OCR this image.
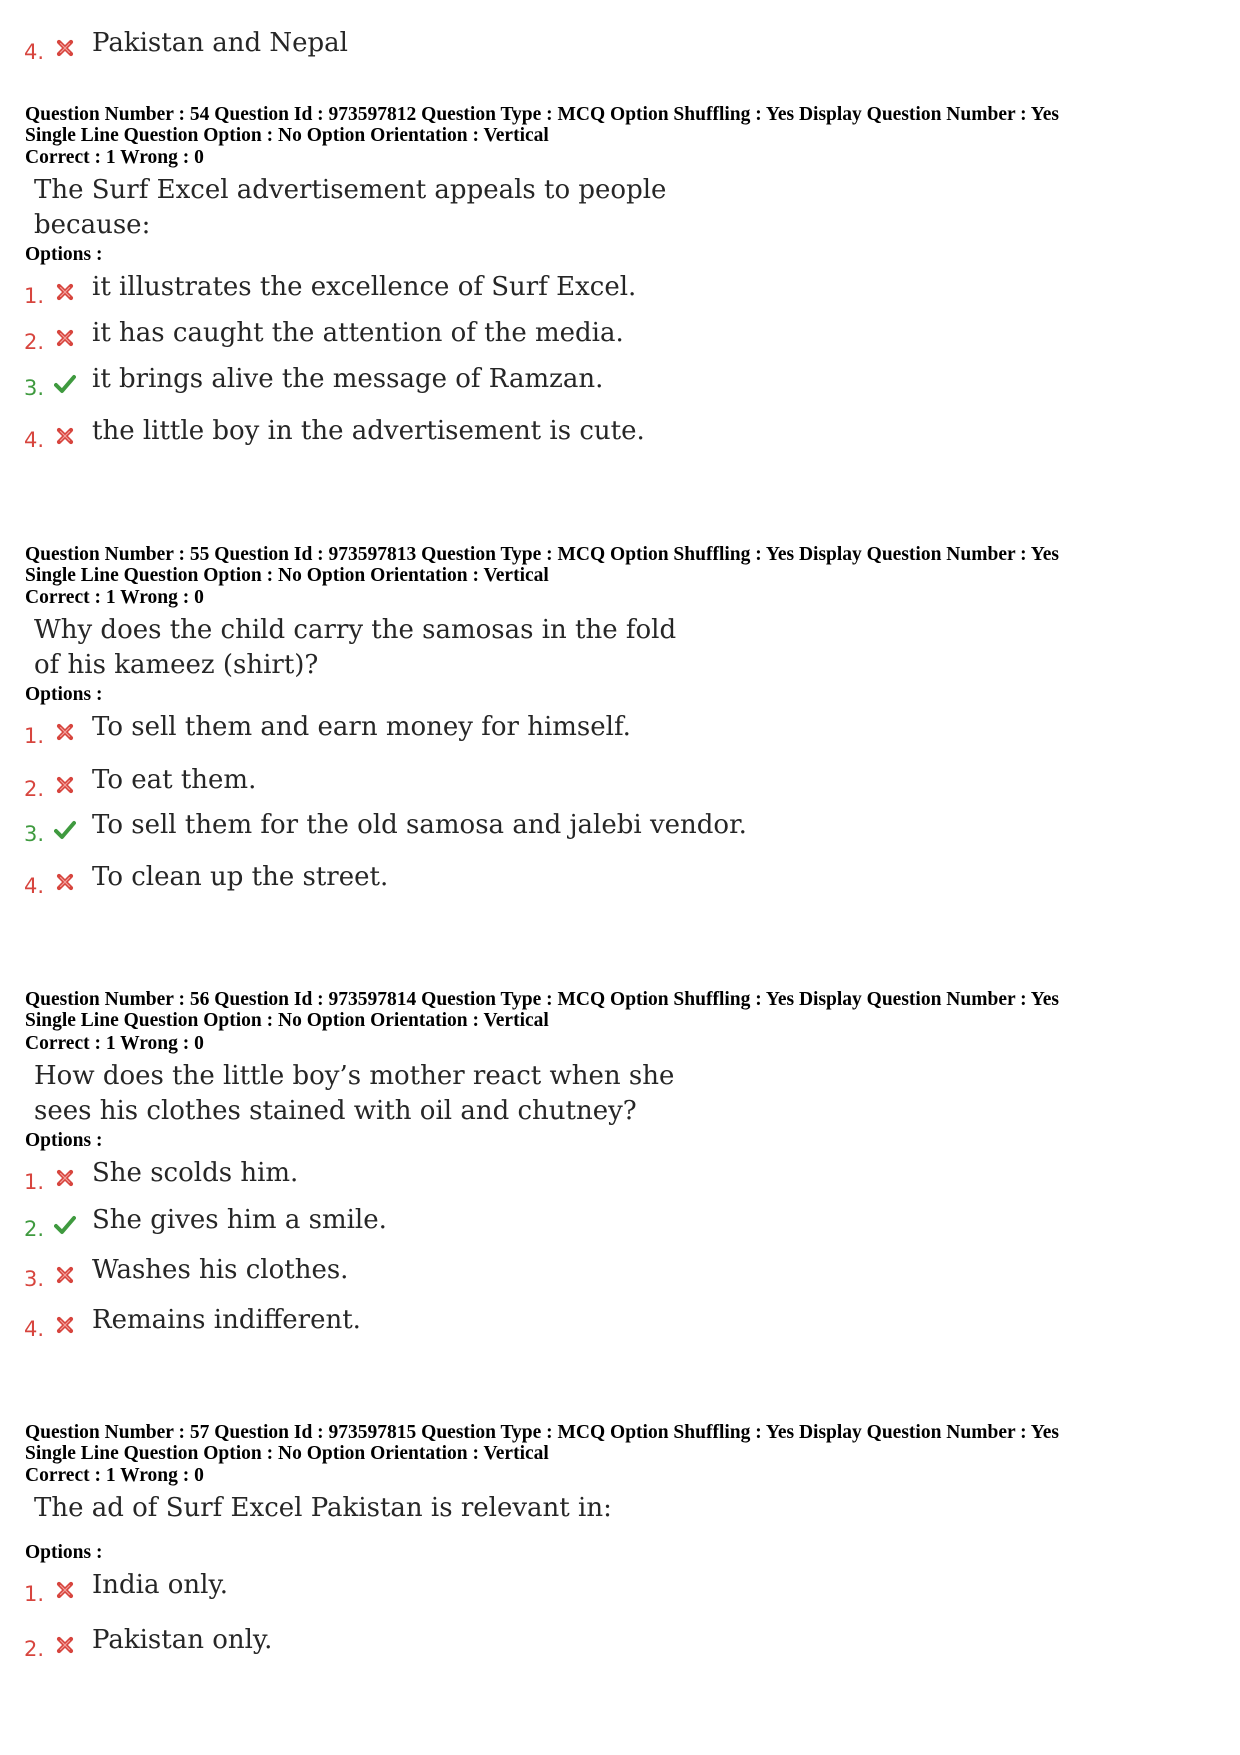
4. Pakistan and Nepal
Question Number : 54 Question Id : 973597812 Question Type : MCQ Option Shuffling : Yes Display Question Number : Yes
Single Line Question Option : No Option Orientation : Vertical
Correct : 1 Wrong : 0
The Surf Excel advertisement appeals to people
because:
Options :
1. it illustrates the excellence of Surf Excel.
2. it has caught the attention of the media.
3. it brings alive the message of Ramzan.
4. the little boy in the advertisement is cute.
Question Number : 55 Question Id : 973597813 Question Type : MCQ Option Shuffling : Yes Display Question Number : Yes
Single Line Question Option : No Option Orientation : Vertical
Correct : 1 Wrong : 0
Why does the child carry the samosas in the fold
of his kameez (shirt)?
Options :
1. To sell them and earn money for himself.
2. To eat them.
3. To sell them for the old samosa and jalebi vendor.
4. To clean up the street.
Question Number : 56 Question Id : 973597814 Question Type : MCQ Option Shuffling : Yes Display Question Number : Yes
Single Line Question Option : No Option Orientation : Vertical
Correct : 1 Wrong : 0
How does the little boy’s mother react when she
sees his clothes stained with oil and chutney?
Options :
1. She scolds him.
2. She gives him a smile.
3. Washes his clothes.
4. Remains indifferent.
Question Number : 57 Question Id : 973597815 Question Type : MCQ Option Shuffling : Yes Display Question Number : Yes
Single Line Question Option : No Option Orientation : Vertical
Correct : 1 Wrong : 0
The ad of Surf Excel Pakistan is relevant in:
Options :
1. India only.
2. Pakistan only.
